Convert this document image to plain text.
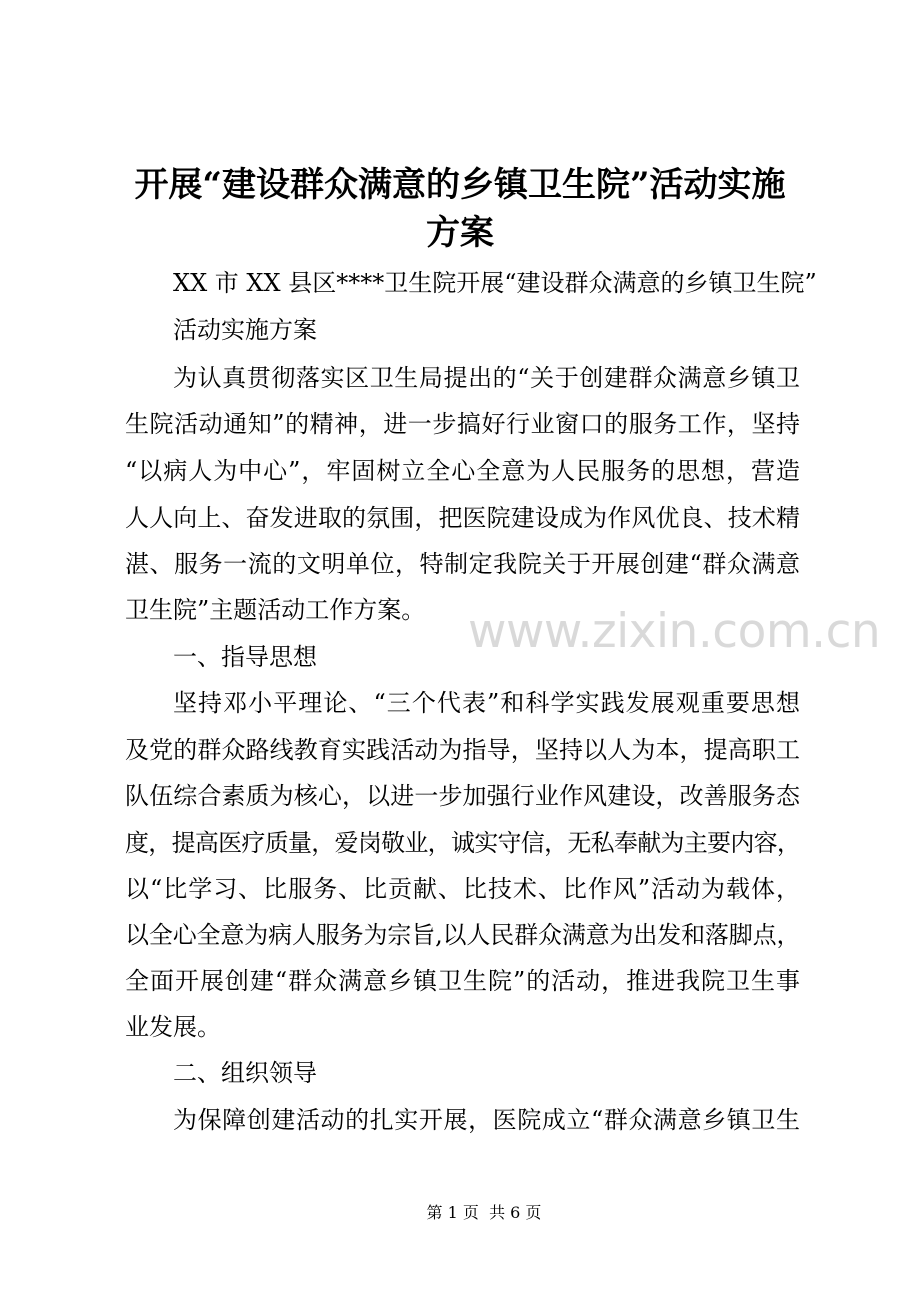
开展“建设群众满意的乡镇卫生院”活动实施
方案
XX 市 XX 县区****卫生院开展“建设群众满意的乡镇卫生院”
活动实施方案
为认真贯彻落实区卫生局提出的“关于创建群众满意乡镇卫
生院活动通知”的精神，进一步搞好行业窗口的服务工作，坚持
“以病人为中心”，牢固树立全心全意为人民服务的思想，营造
人人向上、奋发进取的氛围，把医院建设成为作风优良、技术精
湛、服务一流的文明单位，特制定我院关于开展创建“群众满意
卫生院”主题活动工作方案。
一、指导思想
坚持邓小平理论、“三个代表”和科学实践发展观重要思想
及党的群众路线教育实践活动为指导，坚持以人为本，提高职工
队伍综合素质为核心，以进一步加强行业作风建设，改善服务态
度，提高医疗质量，爱岗敬业，诚实守信，无私奉献为主要内容，
以“比学习、比服务、比贡献、比技术、比作风”活动为载体，
以全心全意为病人服务为宗旨,以人民群众满意为出发和落脚点，
全面开展创建“群众满意乡镇卫生院”的活动，推进我院卫生事
业发展。
二、组织领导
为保障创建活动的扎实开展，医院成立“群众满意乡镇卫生
www.zixin.com.cn
第 1 页  共 6 页
